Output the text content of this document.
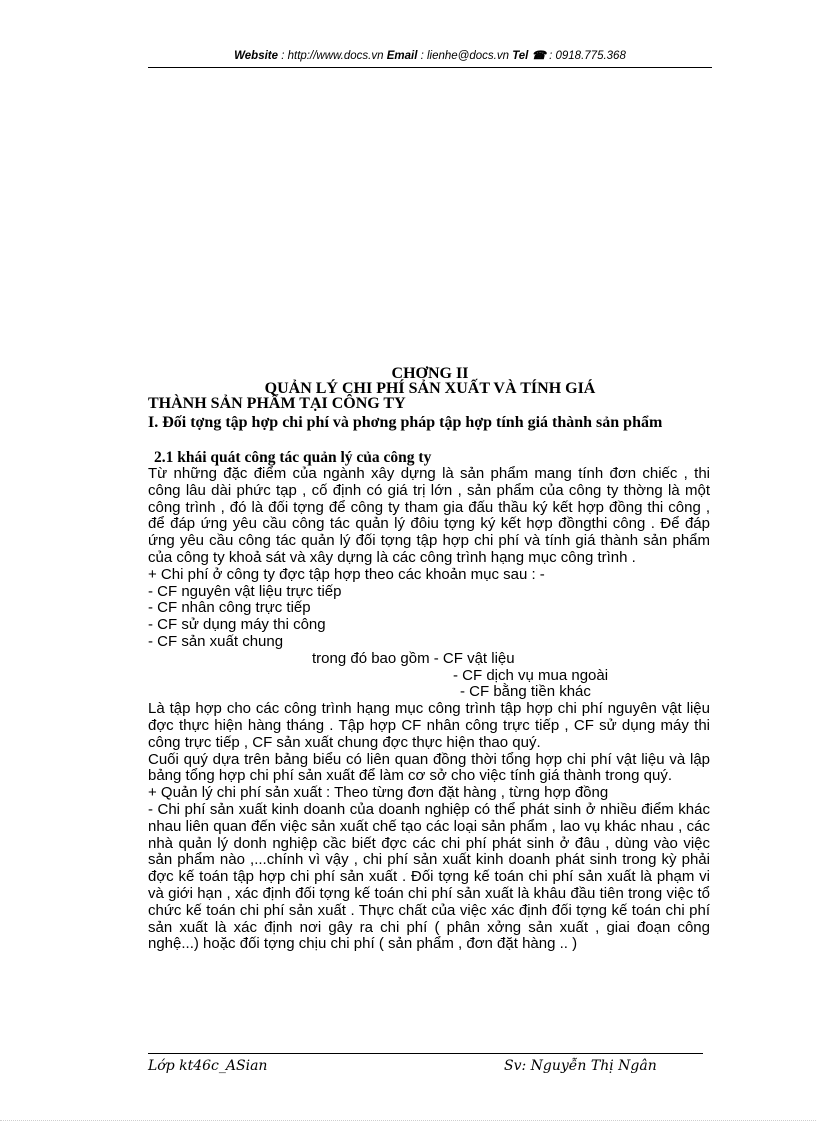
Website : http://www.docs.vn Email : lienhe@docs.vn Tel ☎ : 0918.775.368
CHƠNG II
QUẢN LÝ CHI PHÍ SẢN XUẤT VÀ TÍNH GIÁ
THÀNH SẢN PHẨM TẠI CÔNG TY
I. Đối tợng tập hợp chi phí và phơng pháp tập hợp tính giá thành sản phẩm
2.1 khái quát công tác quản lý của công ty

Từ những đặc điểm của ngành xây dựng là sản phẩm mang tính đơn chiếc , thi công lâu dài phức tạp , cố định có giá trị lớn , sản phẩm của công ty thờng là một công trình , đó là đối tợng để công ty tham gia đấu thầu ký kết hợp đồng thi công , để đáp ứng yêu cầu công tác quản lý đôiu tợng ký kết hợp đồngthi công . Để đáp ứng yêu cầu công tác quản lý đối tợng tập hợp chi phí và tính giá thành sản phẩm của công ty khoả sát và xây dựng là các công trình hạng mục công trình .

+ Chi phí ở công ty đợc tập hợp theo các khoản mục sau : -

- CF nguyên vật liệu trực tiếp

- CF nhân công trực tiếp

- CF sử dụng máy thi công

- CF sản xuất chung

trong đó bao gồm - CF vật liệu

- CF dịch vụ mua ngoài

- CF bằng tiền khác

Là tập hợp cho các công trình hạng mục công trình tập hợp chi phí nguyên vật liệu đợc thực hiện hàng tháng . Tập hợp CF nhân công trực tiếp , CF sử dụng máy thi công trực tiếp , CF sản xuất chung đợc thực hiện thao quý.

Cuối quý dựa trên bảng biểu có liên quan đồng thời tổng hợp chi phí vật liệu và lập bảng tổng hợp chi phí sản xuất để làm cơ sở cho việc tính giá thành trong quý.

+ Quản lý chi phí sản xuất : Theo từng đơn đặt hàng , từng hợp đồng

- Chi phí sản xuất kinh doanh của doanh nghiệp có thể phát sinh ở nhiều điểm khác nhau liên quan đến việc sản xuất chế tạo các loại sản phẩm , lao vụ khác nhau , các nhà quản lý donh nghiệp cầc biết đợc các chi phí phát sinh ở đâu , dùng vào việc sản phẩm nào ,...chính vì vậy , chi phí sản xuất kinh doanh phát sinh trong kỳ phải đợc kế toán tập hợp chi phí sản xuất . Đối tợng kế toán chi phí sản xuất là phạm vi và giới hạn , xác định đối tợng kế toán chi phí sản xuất là khâu đầu tiên trong việc tổ chức kế toán chi phí sản xuất . Thực chất của việc xác định đối tợng kế toán chi phí sản xuất là xác định nơi gây ra chi phí ( phân xởng sản xuất , giai đoạn công nghệ...) hoặc đối tợng chịu chi phí ( sản phẩm , đơn đặt hàng .. )

Lớp kt46c_ASian	Sv: Nguyễn Thị Ngân
